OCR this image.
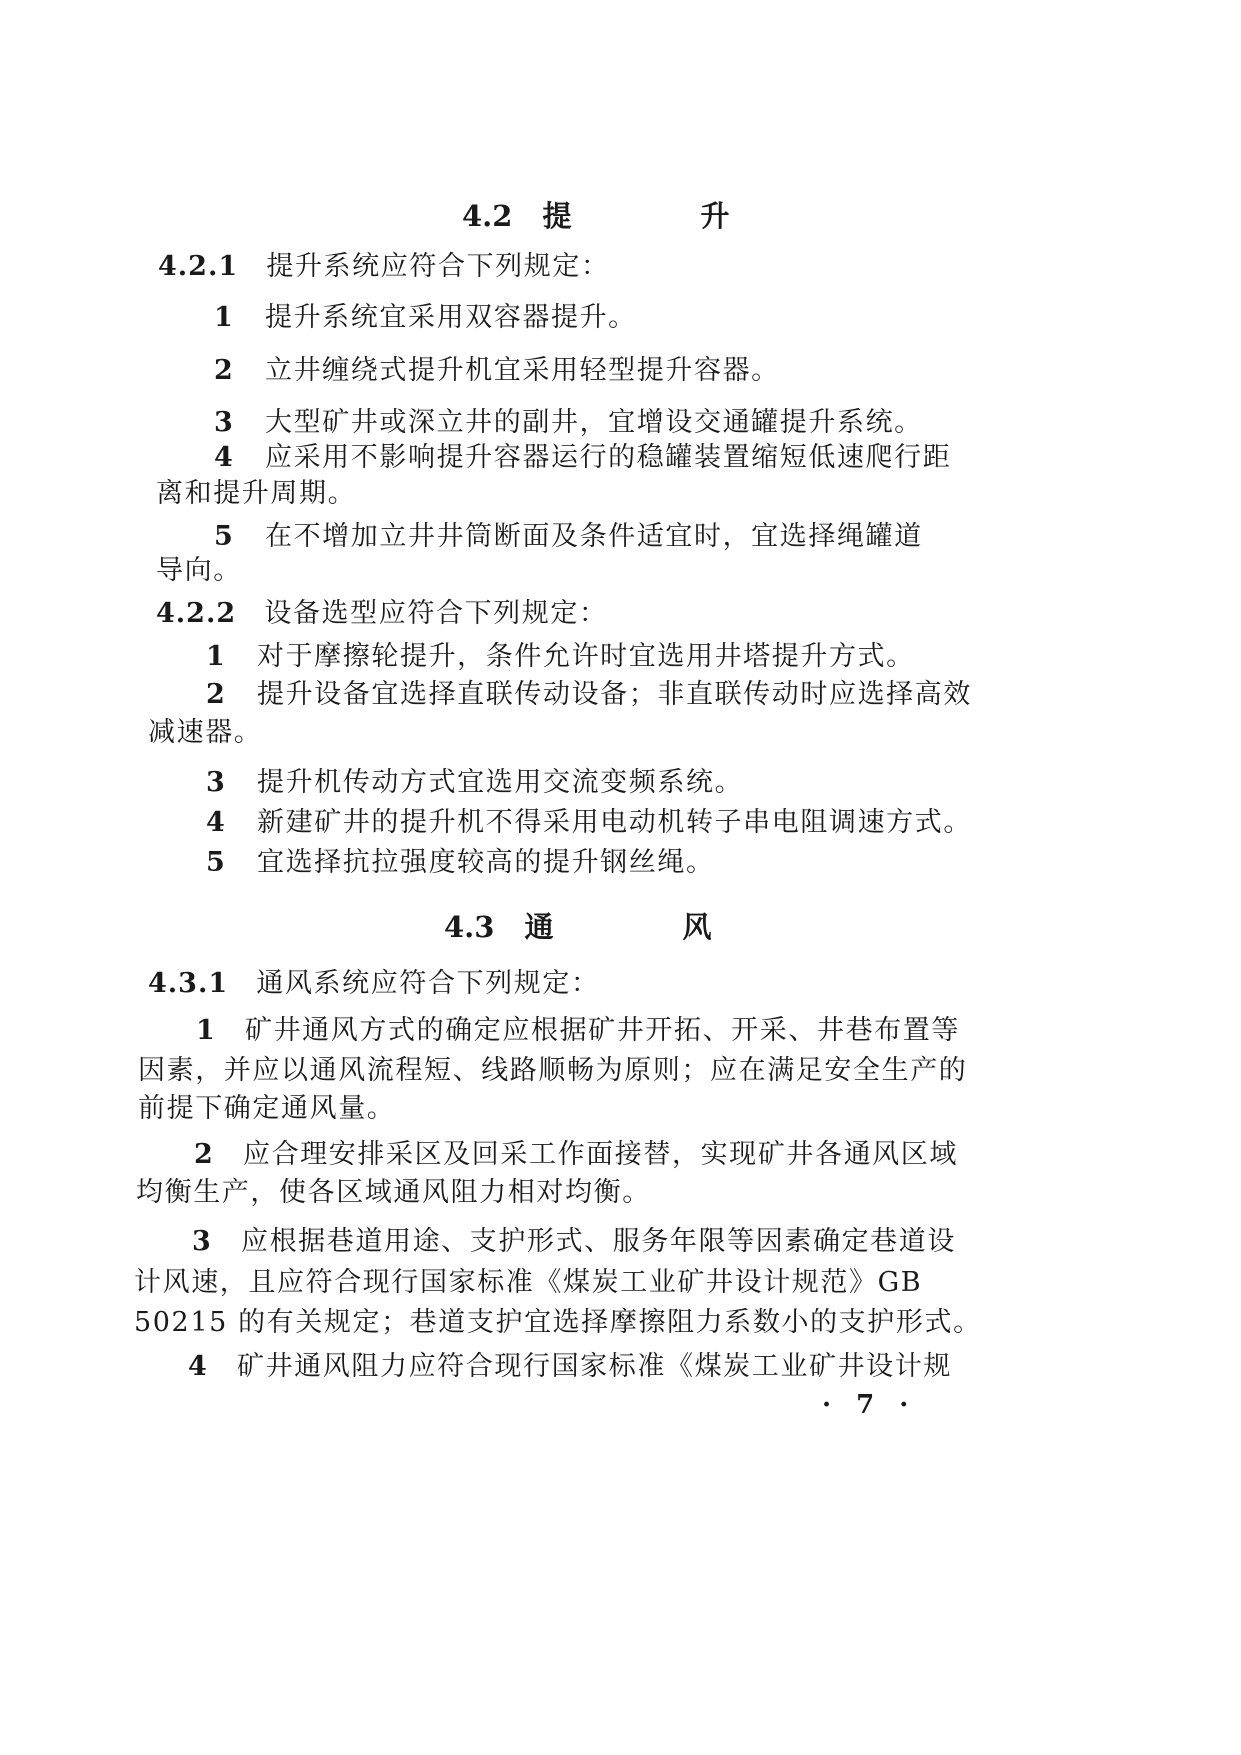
4.2 提　升
4.2.1 提升系统应符合下列规定：
1 提升系统宜采用双容器提升。
2 立井缠绕式提升机宜采用轻型提升容器。
3 大型矿井或深立井的副井，宜增设交通罐提升系统。
4 应采用不影响提升容器运行的稳罐装置缩短低速爬行距
离和提升周期。
5 在不增加立井井筒断面及条件适宜时，宜选择绳罐道
导向。
4.2.2 设备选型应符合下列规定：
1 对于摩擦轮提升，条件允许时宜选用井塔提升方式。
2 提升设备宜选择直联传动设备；非直联传动时应选择高效
减速器。
3 提升机传动方式宜选用交流变频系统。
4 新建矿井的提升机不得采用电动机转子串电阻调速方式。
5 宜选择抗拉强度较高的提升钢丝绳。
4.3 通　风
4.3.1 通风系统应符合下列规定：
1 矿井通风方式的确定应根据矿井开拓、开采、井巷布置等
因素，并应以通风流程短、线路顺畅为原则；应在满足安全生产的
前提下确定通风量。
2 应合理安排采区及回采工作面接替，实现矿井各通风区域
均衡生产，使各区域通风阻力相对均衡。
3 应根据巷道用途、支护形式、服务年限等因素确定巷道设
计风速，且应符合现行国家标准《煤炭工业矿井设计规范》GB
50215 的有关规定；巷道支护宜选择摩擦阻力系数小的支护形式。
4 矿井通风阻力应符合现行国家标准《煤炭工业矿井设计规
· 7 ·
